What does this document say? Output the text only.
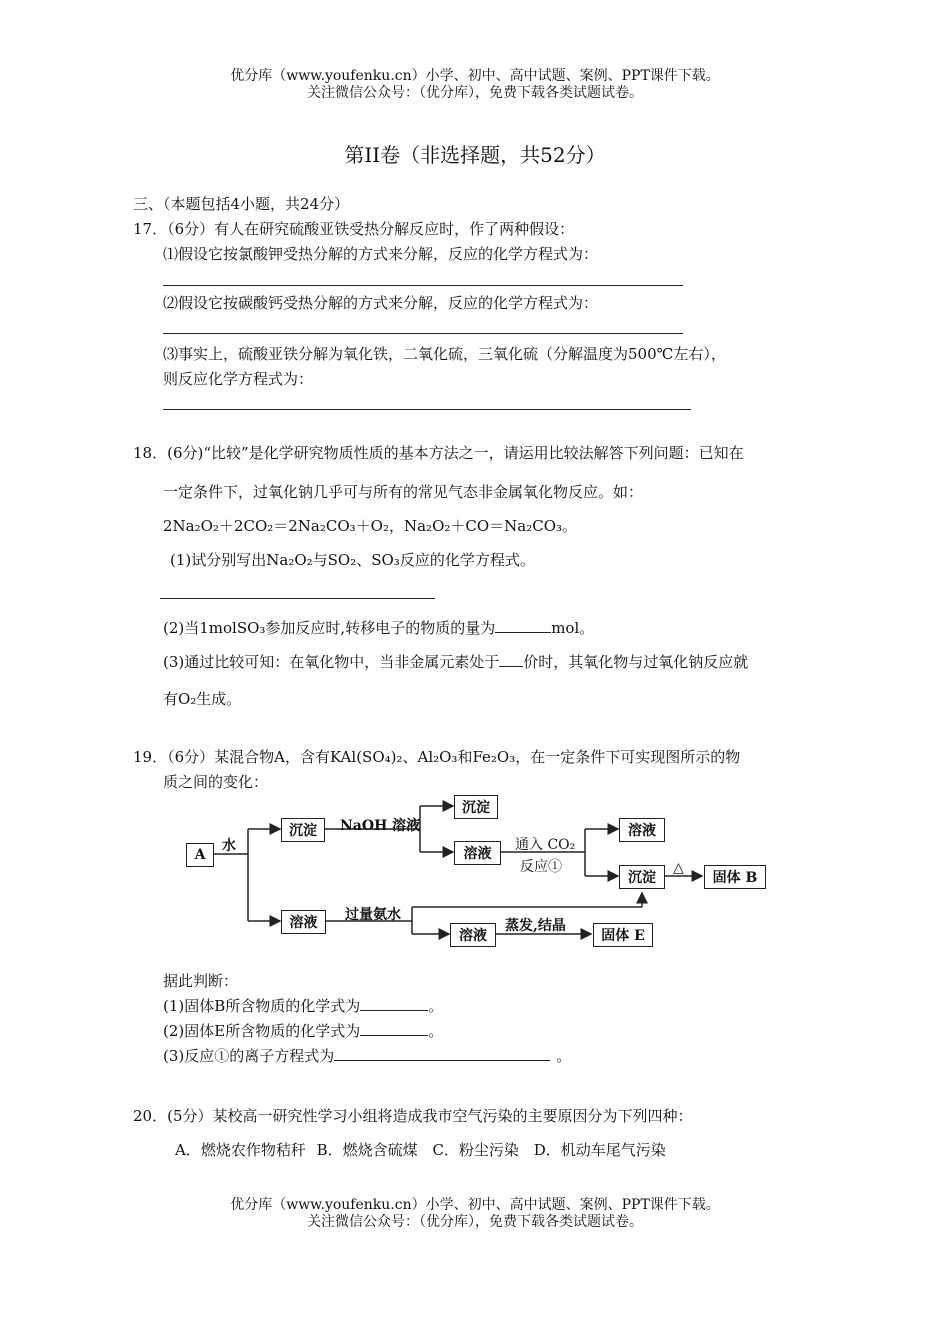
优分库（www.youfenku.cn）小学、初中、高中试题、案例、PPT课件下载。
关注微信公众号：（优分库），免费下载各类试题试卷。
第II卷（非选择题，共52分）
三、（本题包括4小题，共24分）
17．（6分）有人在研究硫酸亚铁受热分解反应时，作了两种假设：
⑴假设它按氯酸钾受热分解的方式来分解，反应的化学方程式为：
⑵假设它按碳酸钙受热分解的方式来分解，反应的化学方程式为：
⑶事实上，硫酸亚铁分解为氧化铁，二氧化硫，三氧化硫（分解温度为500℃左右），
则反应化学方程式为：
18．(6分)“比较”是化学研究物质性质的基本方法之一，请运用比较法解答下列问题：已知在
一定条件下，过氧化钠几乎可与所有的常见气态非金属氧化物反应。如：
2Na₂O₂＋2CO₂＝2Na₂CO₃＋O₂，Na₂O₂＋CO＝Na₂CO₃。
(1)试分别写出Na₂O₂与SO₂、SO₃反应的化学方程式。
(2)当1molSO₃参加反应时,转移电子的物质的量为	mol。
(3)通过比较可知：在氧化物中，当非金属元素处于 价时，其氧化物与过氧化钠反应就
有O₂生成。
19．（6分）某混合物A，含有KAl(SO₄)₂、Al₂O₃和Fe₂O₃，在一定条件下可实现图所示的物
质之间的变化：
A
水
沉淀	NaOH 溶液
沉淀
溶液
通入 CO₂
反应①
溶液
沉淀
△
固体 B
溶液	过量氨水
溶液
蒸发,结晶
固体 E
据此判断：
(1)固体B所含物质的化学式为	。
(2)固体E所含物质的化学式为	。
(3)反应①的离子方程式为	。
20．(5分）某校高一研究性学习小组将造成我市空气污染的主要原因分为下列四种：
A．燃烧农作物秸秆 B．燃烧含硫煤 C．粉尘污染 D．机动车尾气污染
优分库（www.youfenku.cn）小学、初中、高中试题、案例、PPT课件下载。
关注微信公众号：（优分库），免费下载各类试题试卷。
